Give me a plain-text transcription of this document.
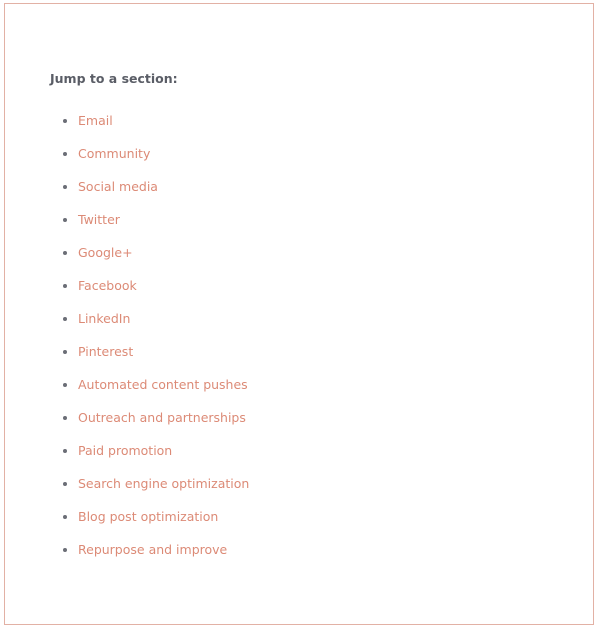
Jump to a section:
Email
Community
Social media
Twitter
Google+
Facebook
LinkedIn
Pinterest
Automated content pushes
Outreach and partnerships
Paid promotion
Search engine optimization
Blog post optimization
Repurpose and improve
